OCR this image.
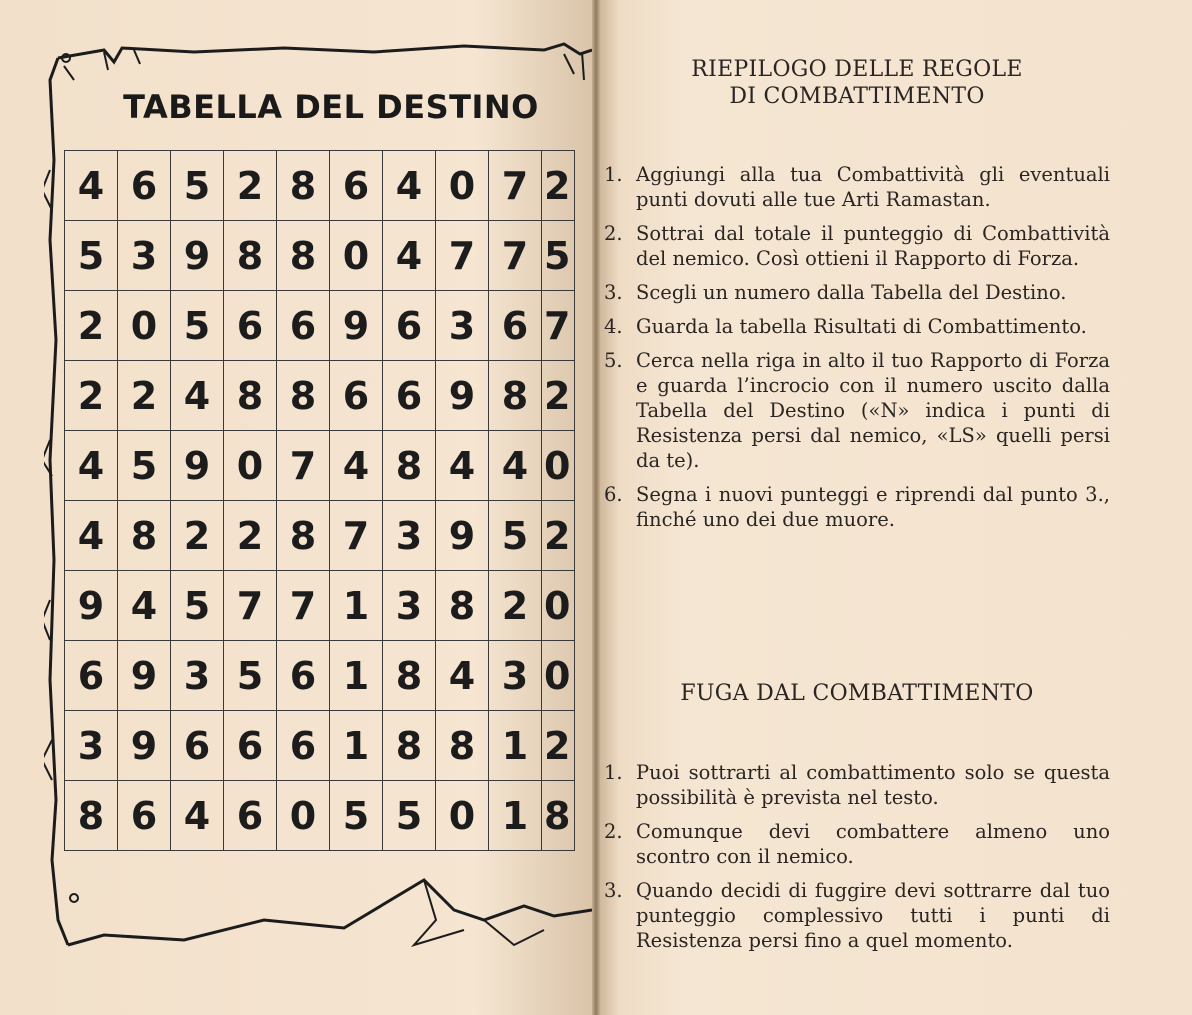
TABELLA DEL DESTINO
4	6	5	2	8	6	4	0	7	2
5	3	9	8	8	0	4	7	7	5
2	0	5	6	6	9	6	3	6	7
2	2	4	8	8	6	6	9	8	2
4	5	9	0	7	4	8	4	4	0
4	8	2	2	8	7	3	9	5	2
9	4	5	7	7	1	3	8	2	0
6	9	3	5	6	1	8	4	3	0
3	9	6	6	6	1	8	8	1	2
8	6	4	6	0	5	5	0	1	8
RIEPILOGO DELLE REGOLE
DI COMBATTIMENTO
1. Aggiungi alla tua Combattività gli eventuali punti dovuti alle tue Arti Ramastan.
2. Sottrai dal totale il punteggio di Combattività del nemico. Così ottieni il Rapporto di Forza.
3. Scegli un numero dalla Tabella del Destino.
4. Guarda la tabella Risultati di Combattimento.
5. Cerca nella riga in alto il tuo Rapporto di Forza e guarda l’incrocio con il numero uscito dalla Tabella del Destino («N» indica i punti di Resistenza persi dal nemico, «LS» quelli persi da te).
6. Segna i nuovi punteggi e riprendi dal punto 3., finché uno dei due muore.
FUGA DAL COMBATTIMENTO
1. Puoi sottrarti al combattimento solo se questa possibilità è prevista nel testo.
2. Comunque devi combattere almeno uno scontro con il nemico.
3. Quando decidi di fuggire devi sottrarre dal tuo punteggio complessivo tutti i punti di Resistenza persi fino a quel momento.
